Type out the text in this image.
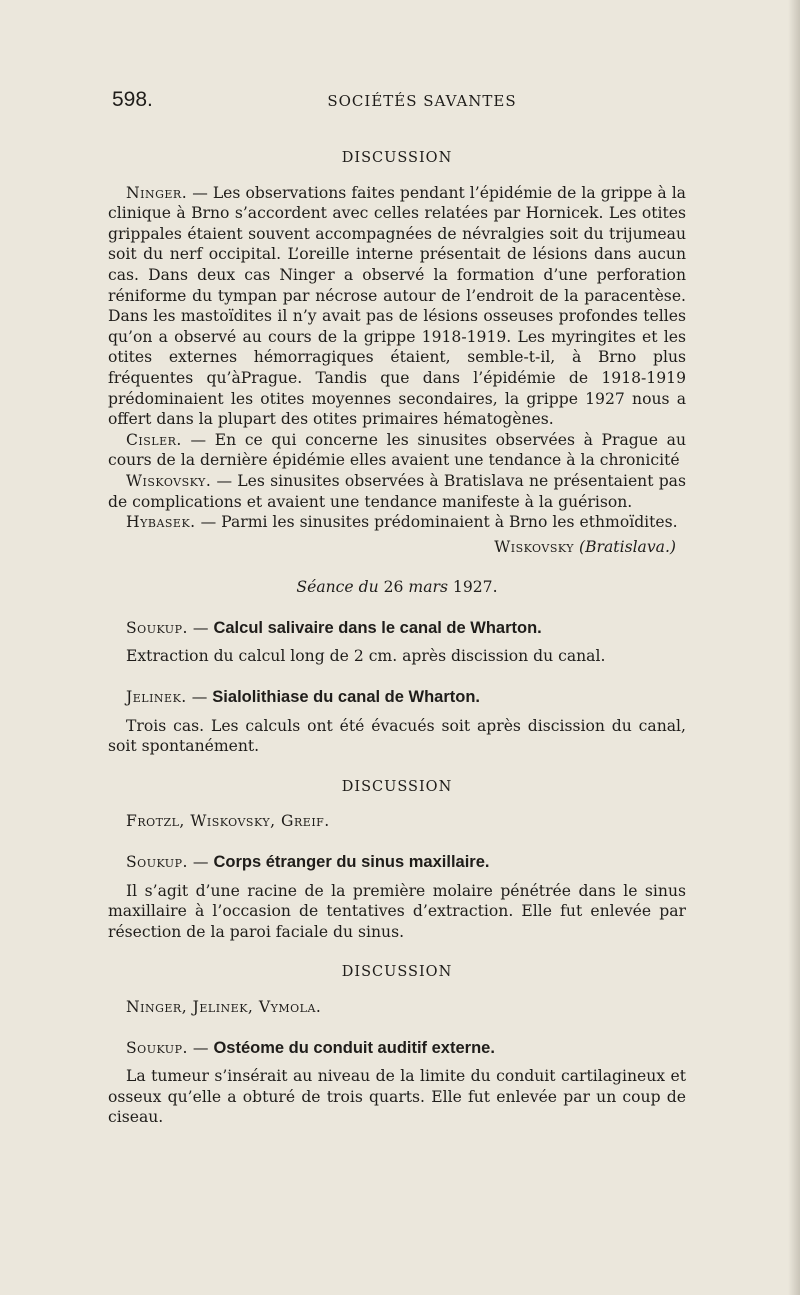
598.	SOCIÉTÉS SAVANTES

DISCUSSION

Ninger. — Les observations faites pendant l’épidémie de la grippe à la clinique à Brno s’accordent avec celles relatées par Hornicek. Les otites grippales étaient souvent accompagnées de névralgies soit du trijumeau soit du nerf occipital. L’oreille interne présentait de lésions dans aucun cas. Dans deux cas Ninger a observé la formation d’une perforation réniforme du tympan par nécrose autour de l’endroit de la paracentèse. Dans les mastoïdites il n’y avait pas de lésions osseuses profondes telles qu’on a observé au cours de la grippe 1918-1919. Les myringites et les otites externes hémorragiques étaient, semble-t-il, à Brno plus fréquentes qu’àPrague. Tandis que dans l’épidémie de 1918-1919 prédominaient les otites moyennes secondaires, la grippe 1927 nous a offert dans la plupart des otites primaires hématogènes.

Cisler. — En ce qui concerne les sinusites observées à Prague au cours de la dernière épidémie elles avaient une tendance à la chronicité

Wiskovsky. — Les sinusites observées à Bratislava ne présentaient pas de complications et avaient une tendance manifeste à la guérison.

Hybasek. — Parmi les sinusites prédominaient à Brno les ethmoïdites.

Wiskovsky (Bratislava.)

Séance du 26 mars 1927.

Soukup. — Calcul salivaire dans le canal de Wharton.

Extraction du calcul long de 2 cm. après discission du canal.

Jelinek. — Sialolithiase du canal de Wharton.

Trois cas. Les calculs ont été évacués soit après discission du canal, soit spontanément.

DISCUSSION

Frotzl, Wiskovsky, Greif.

Soukup. — Corps étranger du sinus maxillaire.

Il s’agit d’une racine de la première molaire pénétrée dans le sinus maxillaire à l’occasion de tentatives d’extraction. Elle fut enlevée par résection de la paroi faciale du sinus.

DISCUSSION

Ninger, Jelinek, Vymola.

Soukup. — Ostéome du conduit auditif externe.

La tumeur s’insérait au niveau de la limite du conduit cartilagineux et osseux qu’elle a obturé de trois quarts. Elle fut enlevée par un coup de ciseau.
